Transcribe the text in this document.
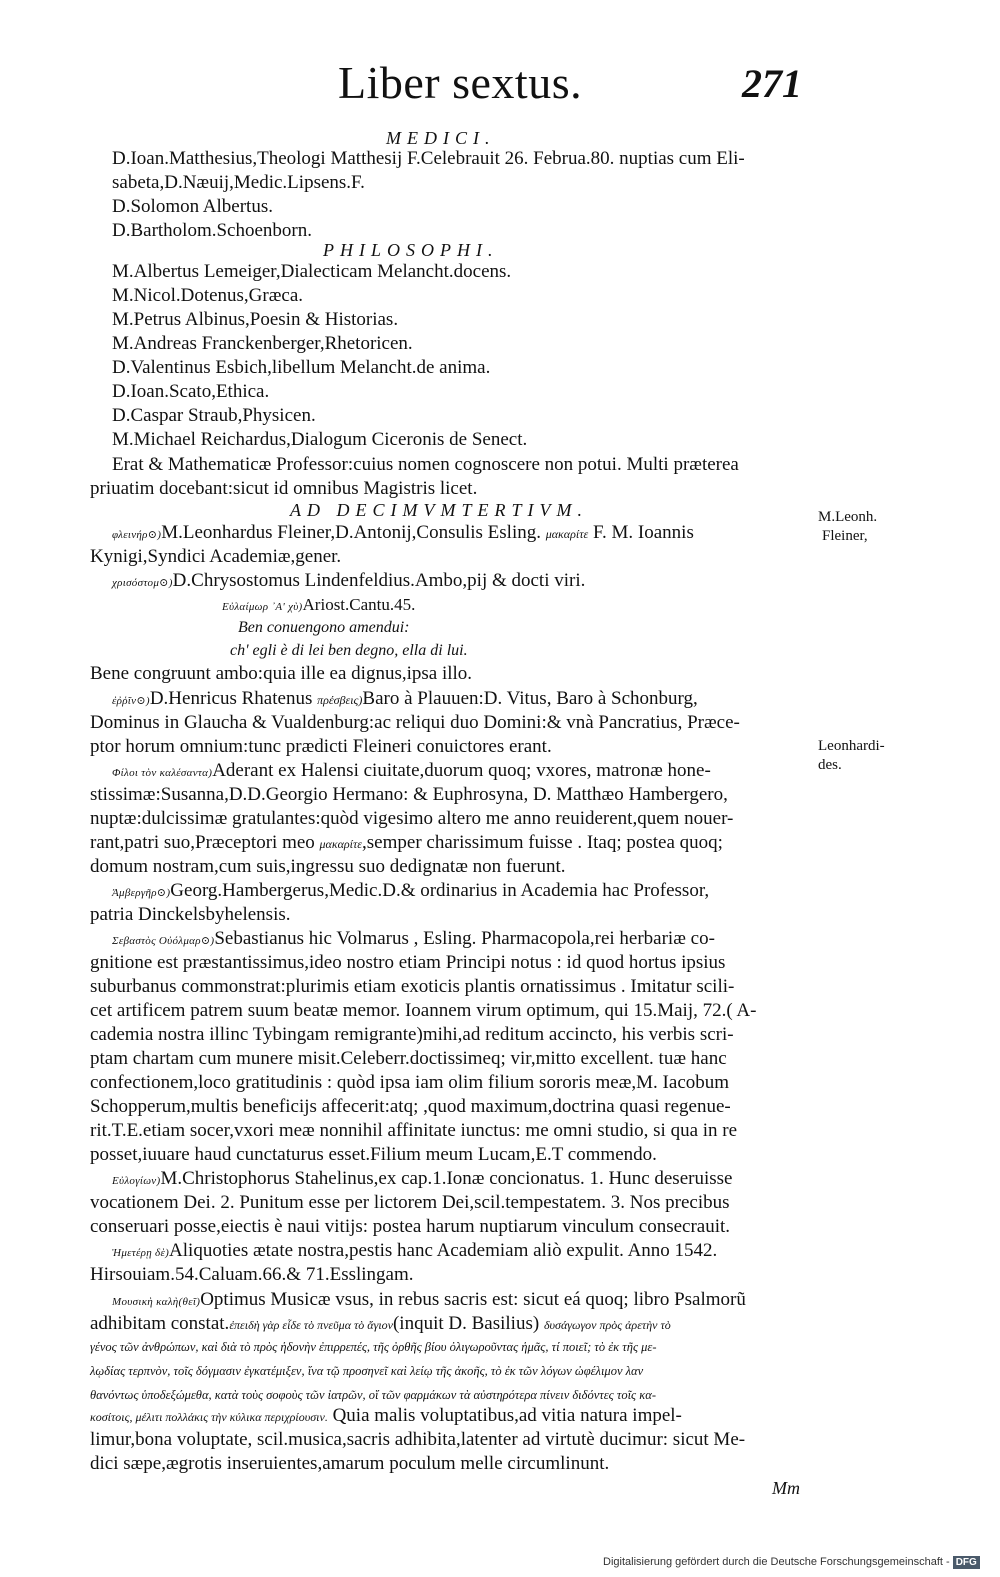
Liber sextus.	271
MEDICI.
D.Ioan.Matthesius,Theologi Matthesij F.Celebrauit 26. Februa.80. nuptias cum Eli-
sabeta,D.Næuij,Medic.Lipsens.F.
D.Solomon Albertus.
D.Bartholom.Schoenborn.
PHILOSOPHI.
M.Albertus Lemeiger,Dialecticam Melancht.docens.
M.Nicol.Dotenus,Græca.
M.Petrus Albinus,Poesin & Historias.
M.Andreas Franckenberger,Rhetoricen.
D.Valentinus Esbich,libellum Melancht.de anima.
D.Ioan.Scato,Ethica.
D.Caspar Straub,Physicen.
M.Michael Reichardus,Dialogum Ciceronis de Senect.
Erat & Mathematicæ Professor:cuius nomen cognoscere non potui. Multi præterea
priuatim docebant:sicut id omnibus Magistris licet.
AD DECIMVMTERTIVM.
φλεινήρ⊙)M.Leonhardus Fleiner,D.Antonij,Consulis Esling. μακαρίτε F. M. Ioannis
Kynigi,Syndici Academiæ,gener.
χρισόστομ⊙)D.Chrysostomus Lindenfeldius.Ambo,pij & docti viri.
Εὐλαίμωρ ᾽A' χὺ)Ariost.Cantu.45.
Ben conuengono amendui:
ch' egli è di lei ben degno, ella di lui.
Bene congruunt ambo:quia ille ea dignus,ipsa illo.
ἐῤῥῖν⊙)D.Henricus Rhatenus πρέσβεις)Baro à Plauuen:D. Vitus, Baro à Schonburg,
Dominus in Glaucha & Vualdenburg:ac reliqui duo Domini:& vnà Pancratius, Præce-
ptor horum omnium:tunc prædicti Fleineri conuictores erant.
Φίλοι τὸν καλέσαντα)Aderant ex Halensi ciuitate,duorum quoq; vxores, matronæ hone-
stissimæ:Susanna,D.D.Georgio Hermano: & Euphrosyna, D. Matthæo Hambergero,
nuptæ:dulcissimæ gratulantes:quòd vigesimo altero me anno reuiderent,quem nouer-
rant,patri suo,Præceptori meo μακαρίτε,semper charissimum fuisse . Itaq; postea quoq;
domum nostram,cum suis,ingressu suo dedignatæ non fuerunt.
Ἀμβεργῆρ⊙)Georg.Hambergerus,Medic.D.& ordinarius in Academia hac Professor,
patria Dinckelsbyhelensis.
Σεβαστὸς Οὐόλμαρ⊙)Sebastianus hic Volmarus , Esling. Pharmacopola,rei herbariæ co-
gnitione est præstantissimus,ideo nostro etiam Principi notus : id quod hortus ipsius
suburbanus commonstrat:plurimis etiam exoticis plantis ornatissimus . Imitatur scili-
cet artificem patrem suum beatæ memor. Ioannem virum optimum, qui 15.Maij, 72.( A-
cademia nostra illinc Tybingam remigrante)mihi,ad reditum accincto, his verbis scri-
ptam chartam cum munere misit.Celeberr.doctissimeq; vir,mitto excellent. tuæ hanc
confectionem,loco gratitudinis : quòd ipsa iam olim filium sororis meæ,M. Iacobum
Schopperum,multis beneficijs affecerit:atq; ,quod maximum,doctrina quasi regenue-
rit.T.E.etiam socer,vxori meæ nonnihil affinitate iunctus: me omni studio, si qua in re
posset,iuuare haud cunctaturus esset.Filium meum Lucam,E.T commendo.
Εὐλογίων)M.Christophorus Stahelinus,ex cap.1.Ionæ concionatus. 1. Hunc deseruisse
vocationem Dei. 2. Punitum esse per lictorem Dei,scil.tempestatem. 3. Nos precibus
conseruari posse,eiectis è naui vitijs: postea harum nuptiarum vinculum consecrauit.
Ἡμετέρῃ δὲ)Aliquoties ætate nostra,pestis hanc Academiam aliò expulit. Anno 1542.
Hirsouiam.54.Caluam.66.& 71.Esslingam.
Μουσικὴ καλὴ(θεῖ)Optimus Musicæ vsus, in rebus sacris est: sicut eá quoq; libro Psalmorũ
adhibitam constat.ἐπειδὴ γὰρ εἶδε τὸ πνεῦμα τὸ ἅγιον(inquit D. Basilius) δυσάγωγον πρὸς ἀρετὴν τὸ
γένος τῶν ἀνθρώπων, καὶ διὰ τὸ πρὸς ἡδονὴν ἐπιρρεπές, τῆς ὀρθῆς βίου ὀλιγωροῦντας ἡμᾶς, τί ποιεῖ; τὸ ἐκ τῆς με-
λῳδίας τερπνὸν, τοῖς δόγμασιν ἐγκατέμιξεν, ἵνα τῷ προσηνεῖ καὶ λείῳ τῆς ἀκοῆς, τὸ ἐκ τῶν λόγων ὠφέλιμον λαν
θανόντως ὑποδεξώμεθα, κατὰ τοὺς σοφοὺς τῶν ἰατρῶν, οἵ τῶν φαρμάκων τὰ αὐστηρότερα πίνειν διδόντες τοῖς κα-
κοσίτοις, μέλιτι πολλάκις τὴν κύλικα περιχρίουσιν. Quia malis voluptatibus,ad vitia natura impel-
limur,bona voluptate, scil.musica,sacris adhibita,latenter ad virtutè ducimur: sicut Me-
dici sæpe,ægrotis inseruientes,amarum poculum melle circumlinunt.
M.Leonh.
Fleiner,
Leonhardi-
des.
Mm
Digitalisierung gefördert durch die Deutsche Forschungsgemeinschaft - DFG
